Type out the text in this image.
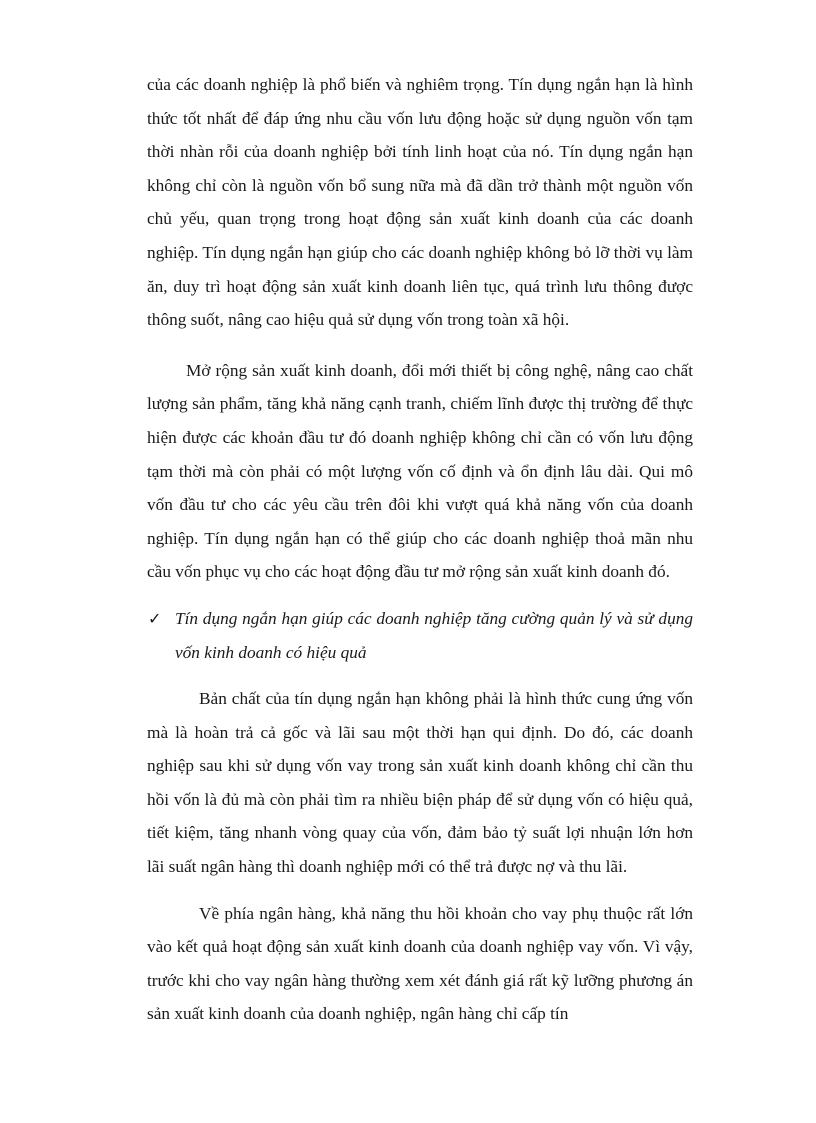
của các doanh nghiệp là phổ biến và nghiêm trọng. Tín dụng ngắn hạn là hình thức tốt nhất để đáp ứng nhu cầu vốn lưu động hoặc sử dụng nguồn vốn tạm thời nhàn rỗi của doanh nghiệp bởi tính linh hoạt của nó. Tín dụng ngắn hạn không chỉ còn là nguồn vốn bổ sung nữa mà đã dần trở thành một nguồn vốn chủ yếu, quan trọng trong hoạt động sản xuất kinh doanh của các doanh nghiệp. Tín dụng ngắn hạn giúp cho các doanh nghiệp không bỏ lỡ thời vụ làm ăn, duy trì hoạt động sản xuất kinh doanh liên tục, quá trình lưu thông được thông suốt, nâng cao hiệu quả sử dụng vốn trong toàn xã hội.

Mở rộng sản xuất kinh doanh, đổi mới thiết bị công nghệ, nâng cao chất lượng sản phẩm, tăng khả năng cạnh tranh, chiếm lĩnh được thị trường để thực hiện được các khoản đầu tư đó doanh nghiệp không chỉ cần có vốn lưu động tạm thời mà còn phải có một lượng vốn cố định và ổn định lâu dài. Qui mô vốn đầu tư cho các yêu cầu trên đôi khi vượt quá khả năng vốn của doanh nghiệp. Tín dụng ngắn hạn có thể giúp cho các doanh nghiệp thoả mãn nhu cầu vốn phục vụ cho các hoạt động đầu tư mở rộng sản xuất kinh doanh đó.

✓ Tín dụng ngắn hạn giúp các doanh nghiệp tăng cường quản lý và sử dụng vốn kinh doanh có hiệu quả

Bản chất của tín dụng ngắn hạn không phải là hình thức cung ứng vốn mà là hoàn trả cả gốc và lãi sau một thời hạn qui định. Do đó, các doanh nghiệp sau khi sử dụng vốn vay trong sản xuất kinh doanh không chỉ cần thu hồi vốn là đủ mà còn phải tìm ra nhiều biện pháp để sử dụng vốn có hiệu quả, tiết kiệm, tăng nhanh vòng quay của vốn, đảm bảo tỷ suất lợi nhuận lớn hơn lãi suất ngân hàng thì doanh nghiệp mới có thể trả được nợ và thu lãi.

Về phía ngân hàng, khả năng thu hồi khoản cho vay phụ thuộc rất lớn vào kết quả hoạt động sản xuất kinh doanh của doanh nghiệp vay vốn. Vì vậy, trước khi cho vay ngân hàng thường xem xét đánh giá rất kỹ lưỡng phương án sản xuất kinh doanh của doanh nghiệp, ngân hàng chỉ cấp tín
